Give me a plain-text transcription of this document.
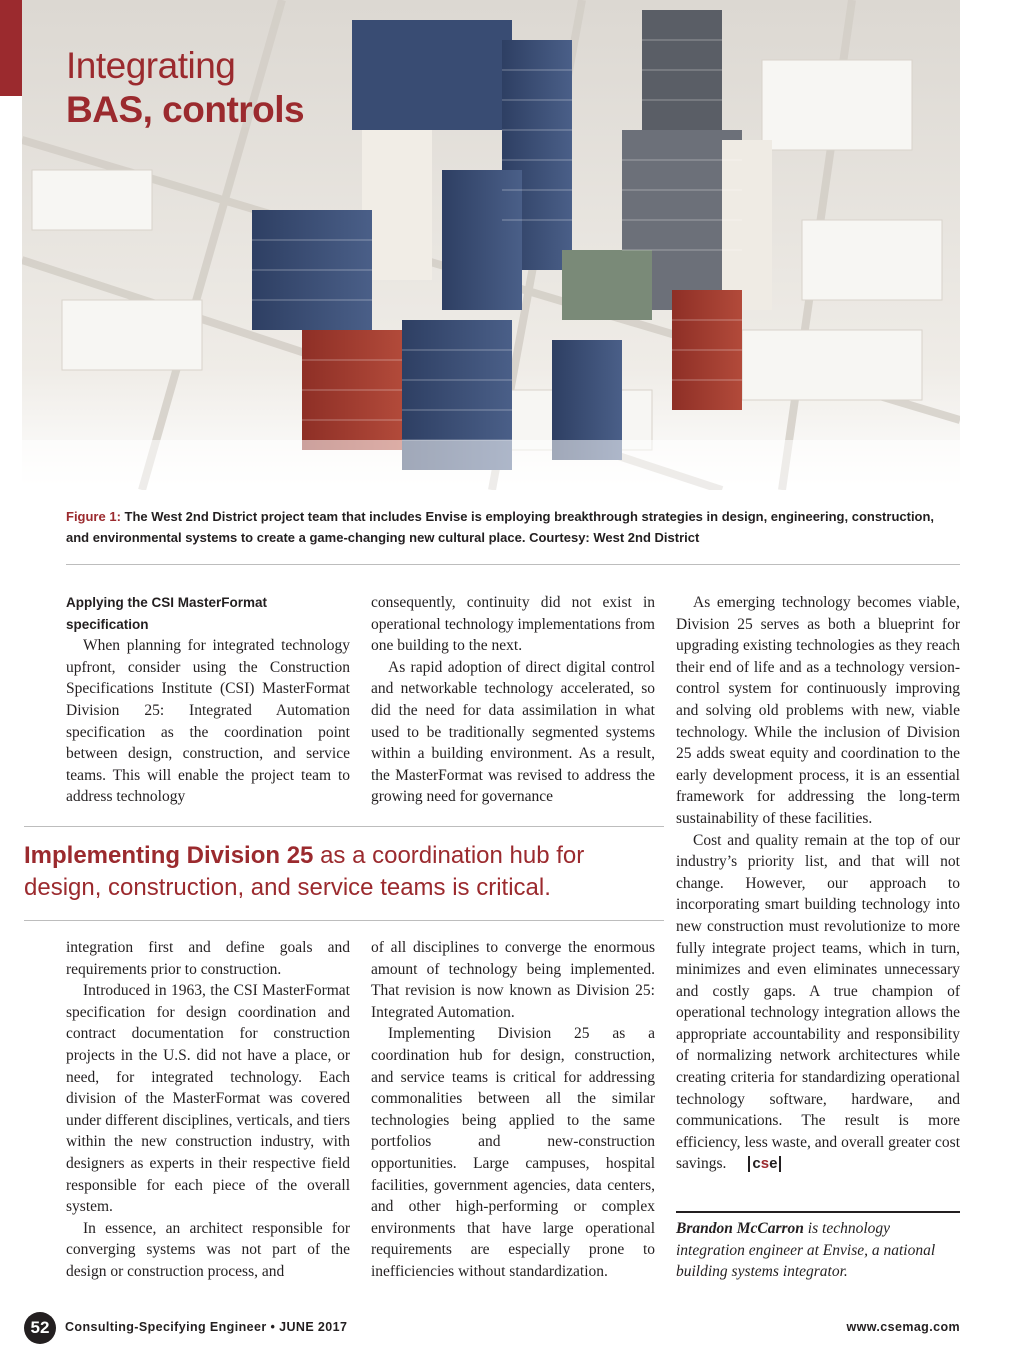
Integrating
BAS, controls
Figure 1: The West 2nd District project team that includes Envise is employing breakthrough strategies in design, engineering, construction, and environmental systems to create a game-changing new cultural place. Courtesy: West 2nd District
Applying the CSI MasterFormat specification

When planning for integrated technology upfront, consider using the Construction Specifications Institute (CSI) MasterFormat Division 25: Integrated Automation specification as the coordination point between design, construction, and service teams. This will enable the project team to address technology

consequently, continuity did not exist in operational technology implementations from one building to the next.

As rapid adoption of direct digital control and networkable technology accelerated, so did the need for data assimilation in what used to be traditionally segmented systems within a building environment. As a result, the MasterFormat was revised to address the growing need for governance

As emerging technology becomes viable, Division 25 serves as both a blueprint for upgrading existing technologies as they reach their end of life and as a technology version-control system for continuously improving and solving old problems with new, viable technology. While the inclusion of Division 25 adds sweat equity and coordination to the early development process, it is an essential framework for addressing the long-term sustainability of these facilities.

Cost and quality remain at the top of our industry’s priority list, and that will not change. However, our approach to incorporating smart building technology into new construction must revolutionize to more fully integrate project teams, which in turn, minimizes and even eliminates unnecessary and costly gaps. A true champion of operational technology integration allows the appropriate accountability and responsibility of normalizing network architectures while creating criteria for standardizing operational technology software, hardware, and communications. The result is more efficiency, less waste, and overall greater cost savings. cse

Implementing Division 25 as a coordination hub for design, construction, and service teams is critical.

integration first and define goals and requirements prior to construction.

Introduced in 1963, the CSI MasterFormat specification for design coordination and contract documentation for construction projects in the U.S. did not have a place, or need, for integrated technology. Each division of the MasterFormat was covered under different disciplines, verticals, and tiers within the new construction industry, with designers as experts in their respective field responsible for each piece of the overall system.

In essence, an architect responsible for converging systems was not part of the design or construction process, and

of all disciplines to converge the enormous amount of technology being implemented. That revision is now known as Division 25: Integrated Automation.

Implementing Division 25 as a coordination hub for design, construction, and service teams is critical for addressing commonalities between all the similar technologies being applied to the same portfolios and new-construction opportunities. Large campuses, hospital facilities, government agencies, data centers, and other high-performing or complex environments that have large operational requirements are especially prone to inefficiencies without standardization.

Brandon McCarron is technology integration engineer at Envise, a national building systems integrator.
52	Consulting-Specifying Engineer • JUNE 2017	www.csemag.com
